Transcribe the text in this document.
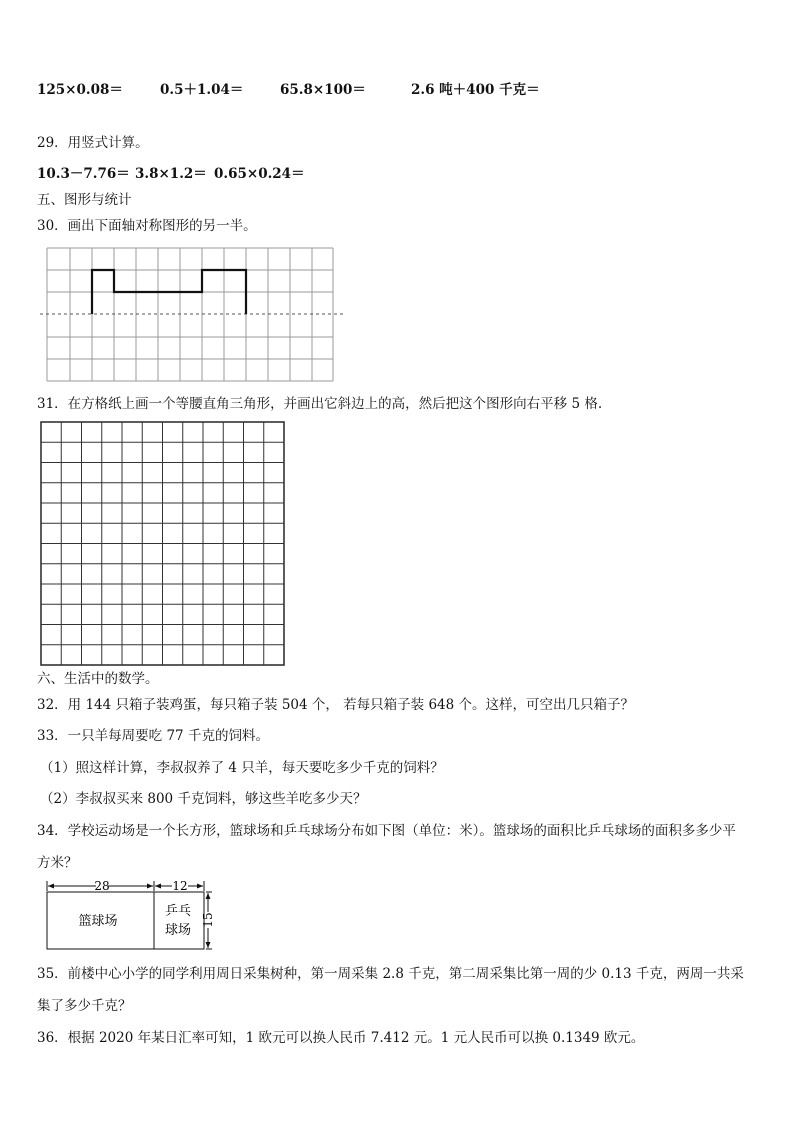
125×0.08＝	0.5＋1.04＝	65.8×100＝	2.6 吨＋400 千克＝
29．用竖式计算。
10.3－7.76＝ 3.8×1.2＝ 0.65×0.24＝
五、图形与统计
30．画出下面轴对称图形的另一半。
31．在方格纸上画一个等腰直角三角形，并画出它斜边上的高，然后把这个图形向右平移 5 格.
六、生活中的数学。
32．用 144 只箱子装鸡蛋，每只箱子装 504 个， 若每只箱子装 648 个。这样，可空出几只箱子？
33．一只羊每周要吃 77 千克的饲料。
（1）照这样计算，李叔叔养了 4 只羊，每天要吃多少千克的饲料？
（2）李叔叔买来 800 千克饲料，够这些羊吃多少天？
34．学校运动场是一个长方形，篮球场和乒乓球场分布如下图（单位：米）。篮球场的面积比乒乓球场的面积多多少平
方米？
28	12
15
篮球场
乒乓
球场
35．前楼中心小学的同学利用周日采集树种，第一周采集 2.8 千克，第二周采集比第一周的少 0.13 千克，两周一共采
集了多少千克？
36．根据 2020 年某日汇率可知，1 欧元可以换人民币 7.412 元。1 元人民币可以换 0.1349 欧元。
